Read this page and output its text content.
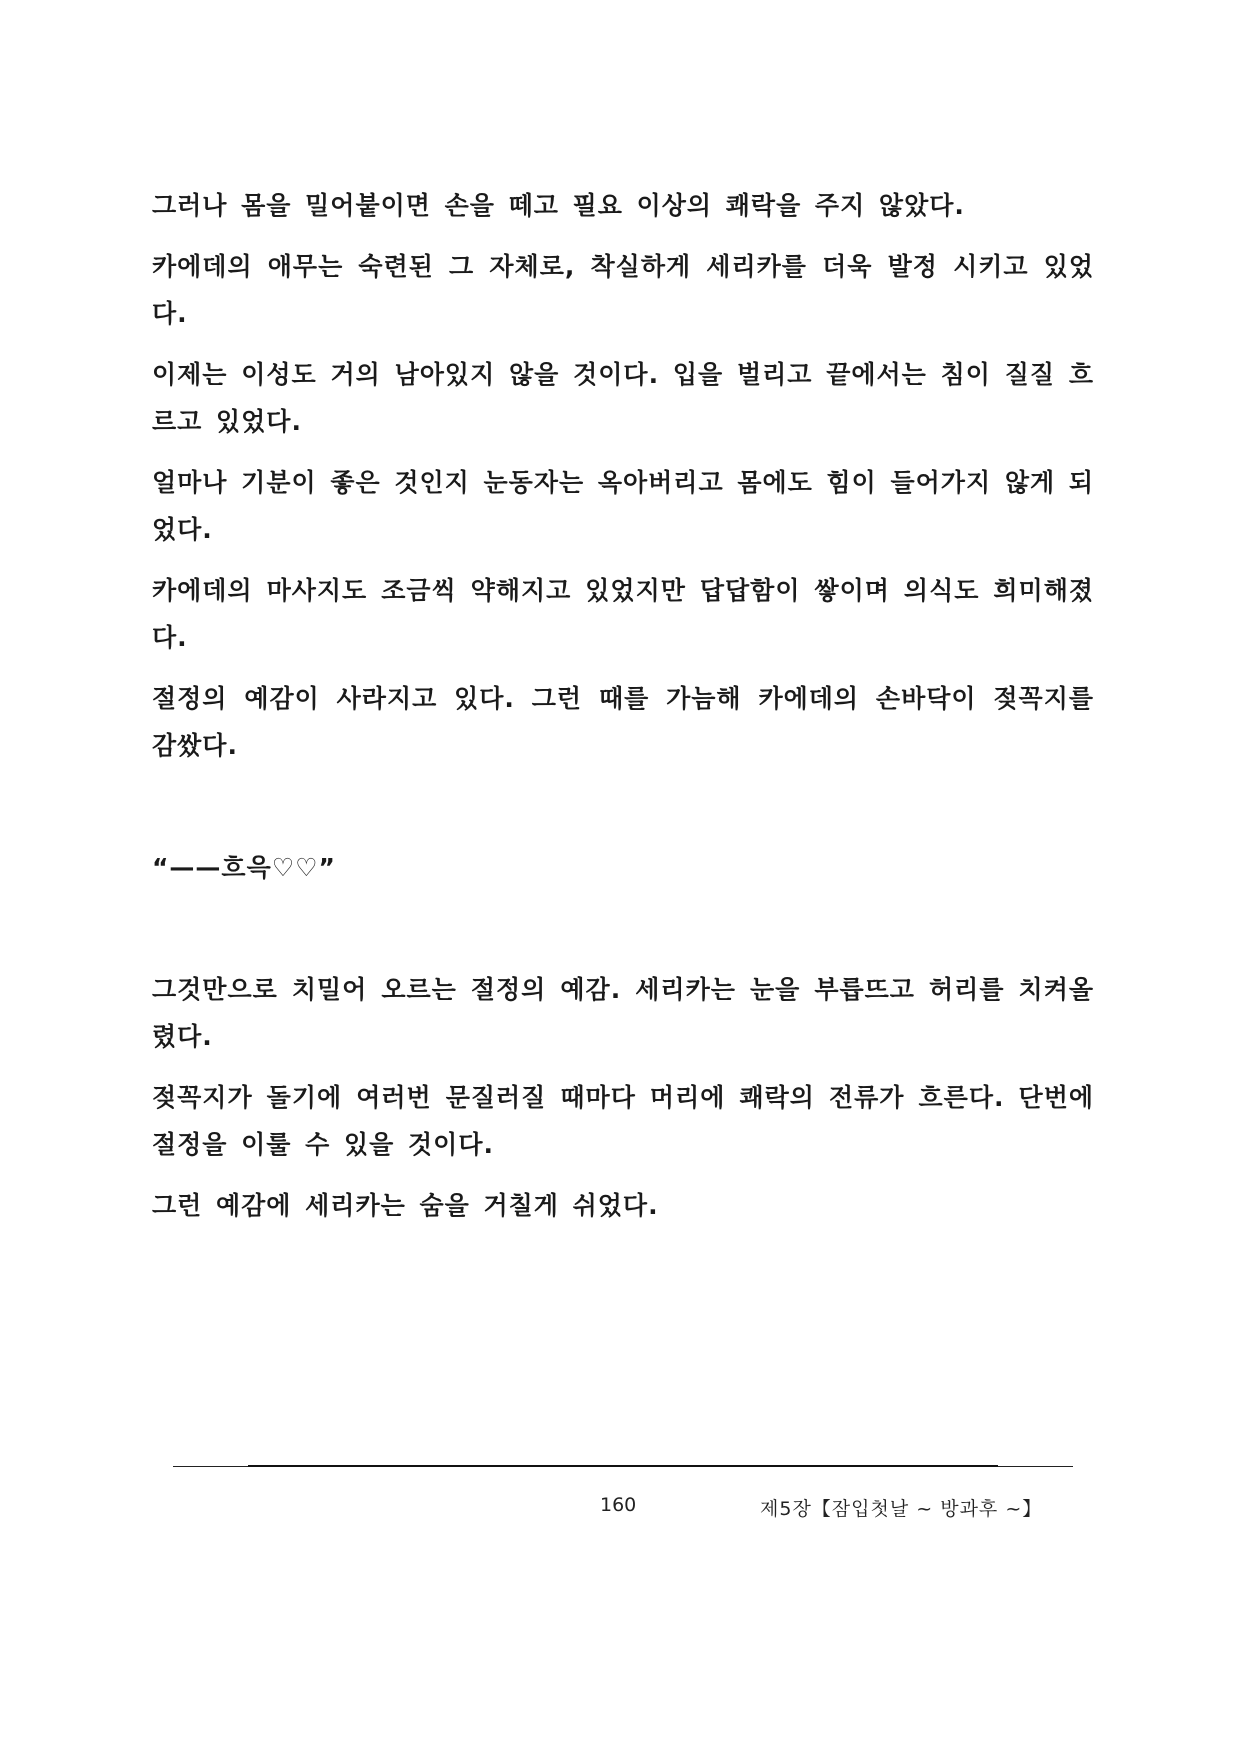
그러나 몸을 밀어붙이면 손을 떼고 필요 이상의 쾌락을 주지 않았다.

카에데의 애무는 숙련된 그 자체로, 착실하게 세리카를 더욱 발정 시키고 있었다.

이제는 이성도 거의 남아있지 않을 것이다. 입을 벌리고 끝에서는 침이 질질 흐르고 있었다.

얼마나 기분이 좋은 것인지 눈동자는 옥아버리고 몸에도 힘이 들어가지 않게 되었다.

카에데의 마사지도 조금씩 약해지고 있었지만 답답함이 쌓이며 의식도 희미해졌다.

절정의 예감이 사라지고 있다. 그런 때를 가늠해 카에데의 손바닥이 젖꼭지를 감쌌다.

“——흐윽♡♡”

그것만으로 치밀어 오르는 절정의 예감. 세리카는 눈을 부릅뜨고 허리를 치켜올렸다.

젖꼭지가 돌기에 여러번 문질러질 때마다 머리에 쾌락의 전류가 흐른다. 단번에 절정을 이룰 수 있을 것이다.

그런 예감에 세리카는 숨을 거칠게 쉬었다.

160	제5장【잠입첫날 ~ 방과후 ~】
